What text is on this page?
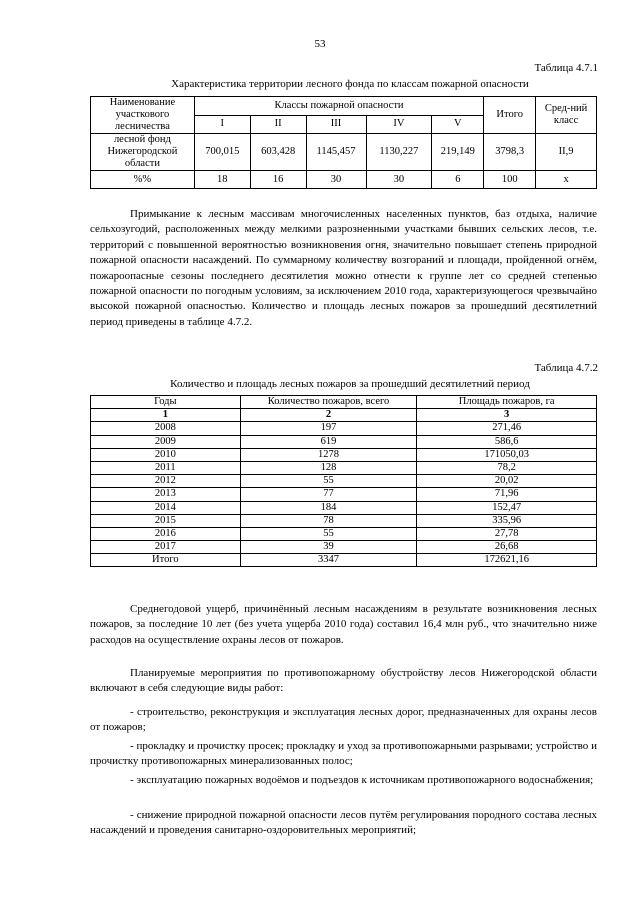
53
Таблица 4.7.1
Характеристика территории лесного фонда по классам пожарной опасности
Наименование участкового лесничества	Классы пожарной опасности					Итого	Сред-ний класс
	I	II	III	IV	V		
лесной фонд Нижегородской области	700,015	603,428	1145,457	1130,227	219,149	3798,3	II,9
%%	18	16	30	30	6	100	х
Примыкание к лесным массивам многочисленных населенных пунктов, баз отдыха, наличие сельхозугодий, расположенных между мелкими разрозненными участками бывших сельских лесов, т.е. территорий с повышенной вероятностью возникновения огня, значительно повышает степень природной пожарной опасности насаждений. По суммарному количеству возгораний и площади, пройденной огнём, пожароопасные сезоны последнего десятилетия можно отнести к группе лет со средней степенью пожарной опасности по погодным условиям, за исключением 2010 года, характеризующегося чрезвычайно высокой пожарной опасностью. Количество и площадь лесных пожаров за прошедший десятилетний период приведены в таблице 4.7.2.
Таблица 4.7.2
Количество и площадь лесных пожаров за прошедший десятилетний период
Годы	Количество пожаров, всего	Площадь пожаров, га
1	2	3
2008	197	271,46
2009	619	586,6
2010	1278	171050,03
2011	128	78,2
2012	55	20,02
2013	77	71,96
2014	184	152,47
2015	78	335,96
2016	55	27,78
2017	39	26,68
Итого	3347	172621,16
Среднегодовой ущерб, причинённый лесным насаждениям в результате возникновения лесных пожаров, за последние 10 лет (без учета ущерба 2010 года) составил 16,4 млн руб., что значительно ниже расходов на осуществление охраны лесов от пожаров.
Планируемые мероприятия по противопожарному обустройству лесов Нижегородской области включают в себя следующие виды работ:
- строительство, реконструкция и эксплуатация лесных дорог, предназначенных для охраны лесов от пожаров;
- прокладку и прочистку просек; прокладку и уход за противопожарными разрывами; устройство и прочистку противопожарных минерализованных полос;
- эксплуатацию пожарных водоёмов и подъездов к источникам противопожарного водоснабжения;
- снижение природной пожарной опасности лесов путём регулирования породного состава лесных насаждений и проведения санитарно-оздоровительных мероприятий;
